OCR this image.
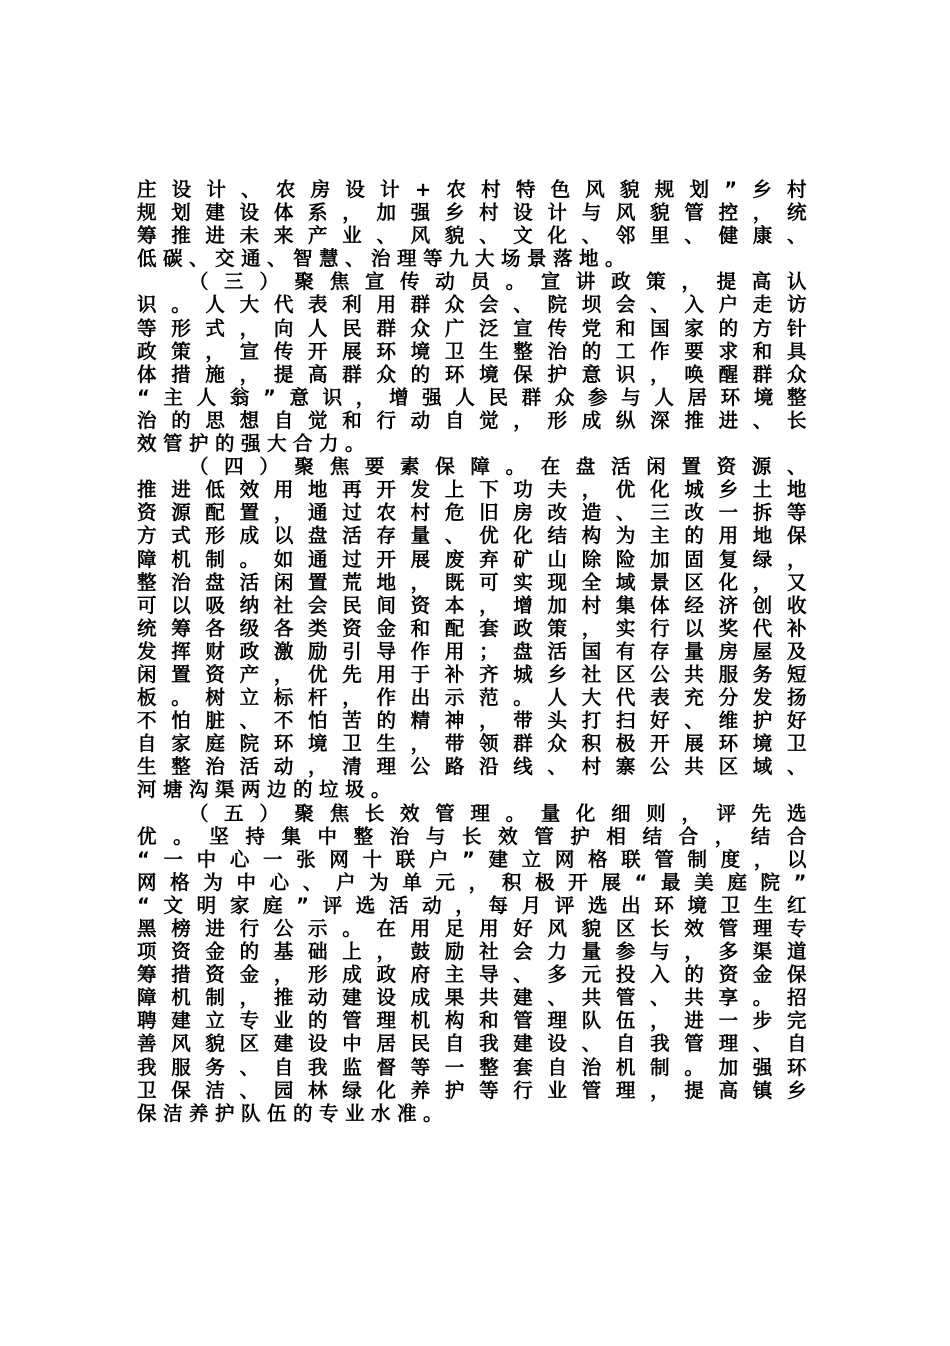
庄设计、农房设计+农村特色风貌规划”乡村
规划建设体系，加强乡村设计与风貌管控，统
筹推进未来产业、风貌、文化、邻里、健康、
低碳、交通、智慧、治理等九大场景落地。
（三）聚焦宣传动员。宣讲政策，提高认
识。人大代表利用群众会、院坝会、入户走访
等形式，向人民群众广泛宣传党和国家的方针
政策，宣传开展环境卫生整治的工作要求和具
体措施，提高群众的环境保护意识，唤醒群众
“主人翁”意识，增强人民群众参与人居环境整
治的思想自觉和行动自觉，形成纵深推进、长
效管护的强大合力。
（四）聚焦要素保障。在盘活闲置资源、
推进低效用地再开发上下功夫，优化城乡土地
资源配置，通过农村危旧房改造、三改一拆等
方式形成以盘活存量、优化结构为主的用地保
障机制。如通过开展废弃矿山除险加固复绿，
整治盘活闲置荒地，既可实现全域景区化，又
可以吸纳社会民间资本，增加村集体经济创收
统筹各级各类资金和配套政策，实行以奖代补
发挥财政激励引导作用；盘活国有存量房屋及
闲置资产，优先用于补齐城乡社区公共服务短
板。树立标杆，作出示范。人大代表充分发扬
不怕脏、不怕苦的精神，带头打扫好、维护好
自家庭院环境卫生，带领群众积极开展环境卫
生整治活动，清理公路沿线、村寨公共区域、
河塘沟渠两边的垃圾。
（五）聚焦长效管理。量化细则，评先选
优。坚持集中整治与长效管护相结合，结合
“一中心一张网十联户”建立网格联管制度，以
网格为中心、户为单元，积极开展“最美庭院”
“文明家庭”评选活动，每月评选出环境卫生红
黑榜进行公示。在用足用好风貌区长效管理专
项资金的基础上，鼓励社会力量参与，多渠道
筹措资金，形成政府主导、多元投入的资金保
障机制，推动建设成果共建、共管、共享。招
聘建立专业的管理机构和管理队伍，进一步完
善风貌区建设中居民自我建设、自我管理、自
我服务、自我监督等一整套自治机制。加强环
卫保洁、园林绿化养护等行业管理，提高镇乡
保洁养护队伍的专业水准。
